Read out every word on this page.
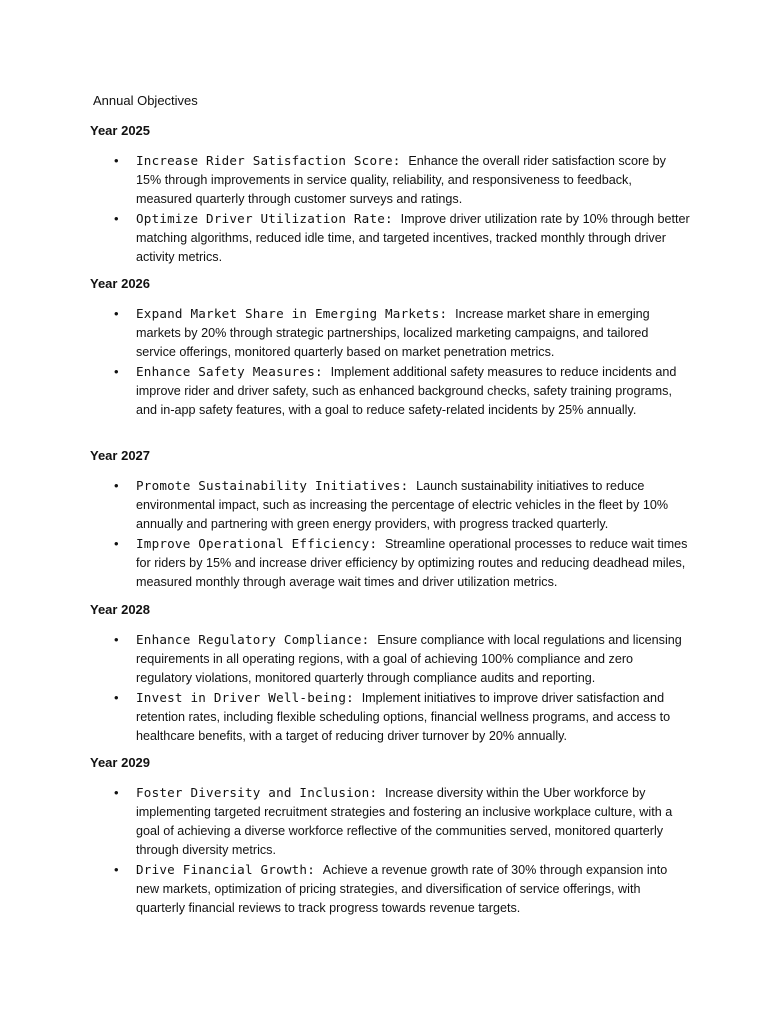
Annual Objectives
Year 2025
• Increase Rider Satisfaction Score: Enhance the overall rider satisfaction score by 15% through improvements in service quality, reliability, and responsiveness to feedback, measured quarterly through customer surveys and ratings.
• Optimize Driver Utilization Rate: Improve driver utilization rate by 10% through better matching algorithms, reduced idle time, and targeted incentives, tracked monthly through driver activity metrics.
Year 2026
• Expand Market Share in Emerging Markets: Increase market share in emerging markets by 20% through strategic partnerships, localized marketing campaigns, and tailored service offerings, monitored quarterly based on market penetration metrics.
• Enhance Safety Measures: Implement additional safety measures to reduce incidents and improve rider and driver safety, such as enhanced background checks, safety training programs, and in-app safety features, with a goal to reduce safety-related incidents by 25% annually.
Year 2027
• Promote Sustainability Initiatives: Launch sustainability initiatives to reduce environmental impact, such as increasing the percentage of electric vehicles in the fleet by 10% annually and partnering with green energy providers, with progress tracked quarterly.
• Improve Operational Efficiency: Streamline operational processes to reduce wait times for riders by 15% and increase driver efficiency by optimizing routes and reducing deadhead miles, measured monthly through average wait times and driver utilization metrics.
Year 2028
• Enhance Regulatory Compliance: Ensure compliance with local regulations and licensing requirements in all operating regions, with a goal of achieving 100% compliance and zero regulatory violations, monitored quarterly through compliance audits and reporting.
• Invest in Driver Well-being: Implement initiatives to improve driver satisfaction and retention rates, including flexible scheduling options, financial wellness programs, and access to healthcare benefits, with a target of reducing driver turnover by 20% annually.
Year 2029
• Foster Diversity and Inclusion: Increase diversity within the Uber workforce by implementing targeted recruitment strategies and fostering an inclusive workplace culture, with a goal of achieving a diverse workforce reflective of the communities served, monitored quarterly through diversity metrics.
• Drive Financial Growth: Achieve a revenue growth rate of 30% through expansion into new markets, optimization of pricing strategies, and diversification of service offerings, with quarterly financial reviews to track progress towards revenue targets.
